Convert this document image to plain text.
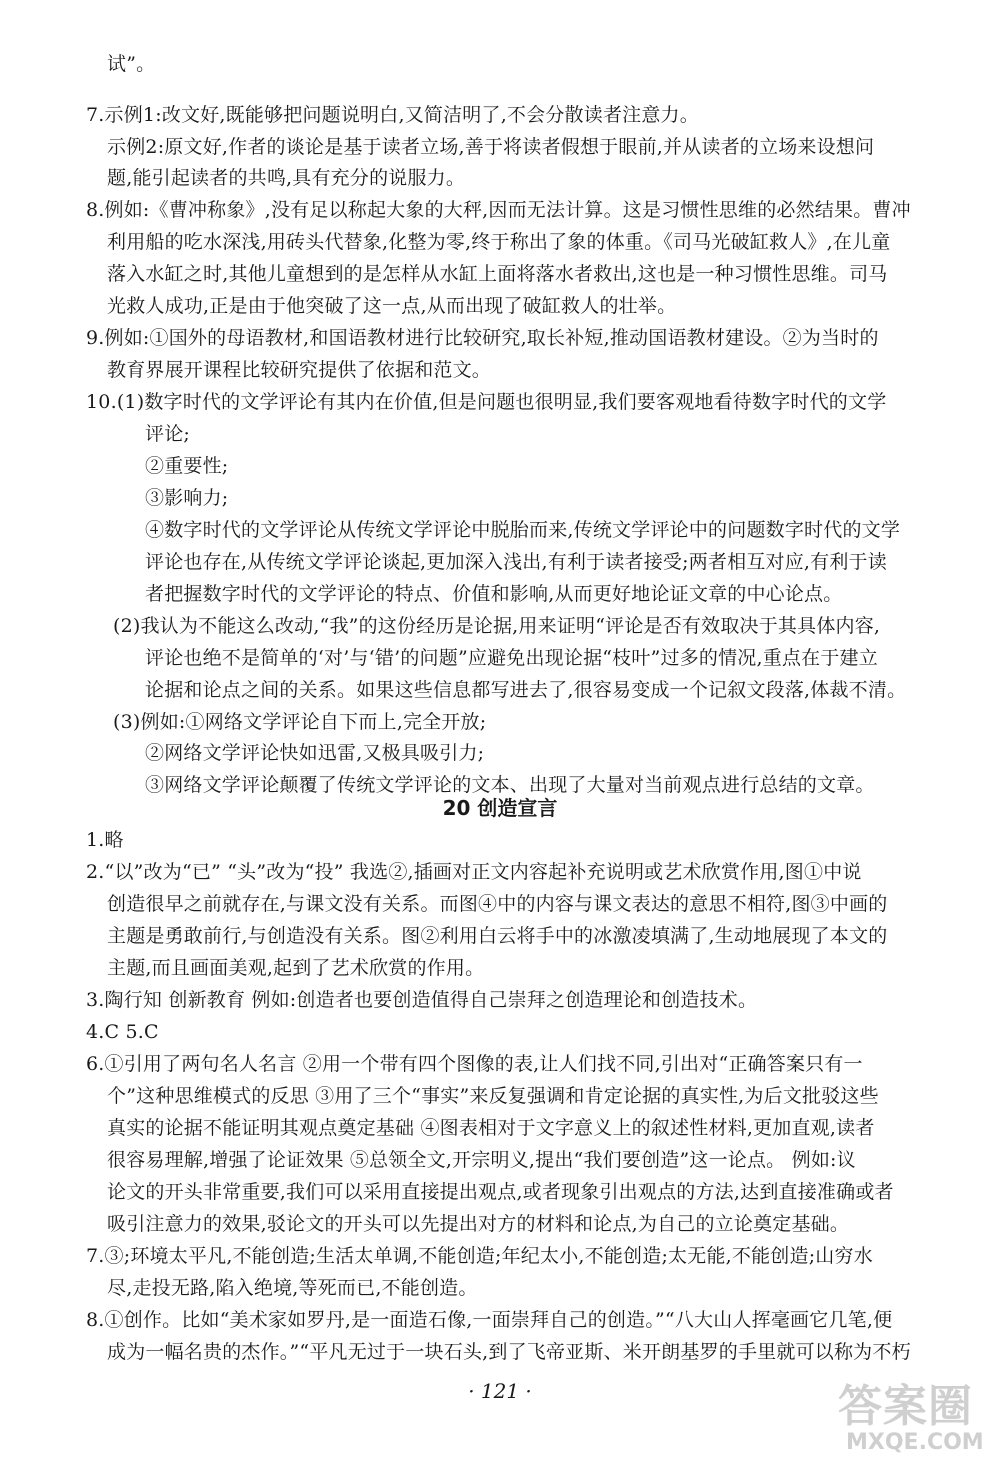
试”。
7.示例1:改文好,既能够把问题说明白,又简洁明了,不会分散读者注意力。
示例2:原文好,作者的谈论是基于读者立场,善于将读者假想于眼前,并从读者的立场来设想问
题,能引起读者的共鸣,具有充分的说服力。
8.例如:《曹冲称象》,没有足以称起大象的大秤,因而无法计算。这是习惯性思维的必然结果。曹冲
利用船的吃水深浅,用砖头代替象,化整为零,终于称出了象的体重。《司马光破缸救人》,在儿童
落入水缸之时,其他儿童想到的是怎样从水缸上面将落水者救出,这也是一种习惯性思维。司马
光救人成功,正是由于他突破了这一点,从而出现了破缸救人的壮举。
9.例如:①国外的母语教材,和国语教材进行比较研究,取长补短,推动国语教材建设。②为当时的
教育界展开课程比较研究提供了依据和范文。
10.(1)数字时代的文学评论有其内在价值,但是问题也很明显,我们要客观地看待数字时代的文学
评论;
②重要性;
③影响力;
④数字时代的文学评论从传统文学评论中脱胎而来,传统文学评论中的问题数字时代的文学
评论也存在,从传统文学评论谈起,更加深入浅出,有利于读者接受;两者相互对应,有利于读
者把握数字时代的文学评论的特点、价值和影响,从而更好地论证文章的中心论点。
(2)我认为不能这么改动,“我”的这份经历是论据,用来证明“评论是否有效取决于其具体内容,
评论也绝不是简单的‘对’与‘错’的问题”应避免出现论据“枝叶”过多的情况,重点在于建立
论据和论点之间的关系。如果这些信息都写进去了,很容易变成一个记叙文段落,体裁不清。
(3)例如:①网络文学评论自下而上,完全开放;
②网络文学评论快如迅雷,又极具吸引力;
③网络文学评论颠覆了传统文学评论的文本、出现了大量对当前观点进行总结的文章。
20 创造宣言
1.略
2.“以”改为“已” “头”改为“投” 我选②,插画对正文内容起补充说明或艺术欣赏作用,图①中说
创造很早之前就存在,与课文没有关系。而图④中的内容与课文表达的意思不相符,图③中画的
主题是勇敢前行,与创造没有关系。图②利用白云将手中的冰激凌填满了,生动地展现了本文的
主题,而且画面美观,起到了艺术欣赏的作用。
3.陶行知 创新教育 例如:创造者也要创造值得自己崇拜之创造理论和创造技术。
4.C 5.C
6.①引用了两句名人名言 ②用一个带有四个图像的表,让人们找不同,引出对“正确答案只有一
个”这种思维模式的反思 ③用了三个“事实”来反复强调和肯定论据的真实性,为后文批驳这些
真实的论据不能证明其观点奠定基础 ④图表相对于文字意义上的叙述性材料,更加直观,读者
很容易理解,增强了论证效果 ⑤总领全文,开宗明义,提出“我们要创造”这一论点。 例如:议
论文的开头非常重要,我们可以采用直接提出观点,或者现象引出观点的方法,达到直接准确或者
吸引注意力的效果,驳论文的开头可以先提出对方的材料和论点,为自己的立论奠定基础。
7.③;环境太平凡,不能创造;生活太单调,不能创造;年纪太小,不能创造;太无能,不能创造;山穷水
尽,走投无路,陷入绝境,等死而已,不能创造。
8.①创作。比如“美术家如罗丹,是一面造石像,一面崇拜自己的创造。”“八大山人挥毫画它几笔,便
成为一幅名贵的杰作。”“平凡无过于一块石头,到了飞帝亚斯、米开朗基罗的手里就可以称为不朽
· 121 ·	答案圈
MXQE.COM
